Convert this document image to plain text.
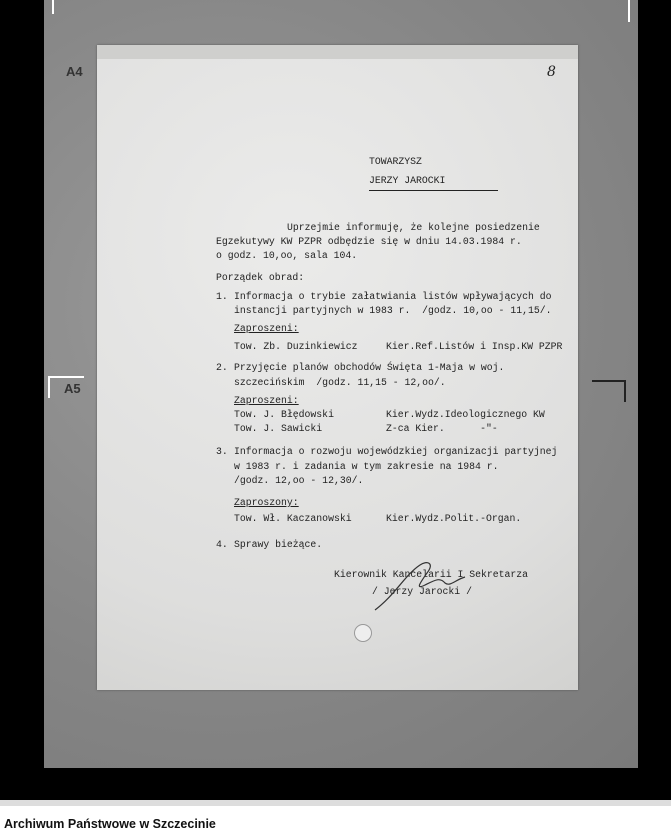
A4
A5
8
TOWARZYSZ
JERZY JAROCKI
Uprzejmie informuję, że kolejne posiedzenie
Egzekutywy KW PZPR odbędzie się w dniu 14.03.1984 r.
o godz. 10,oo, sala 104.
Porządek obrad:
1. Informacja o trybie załatwiania listów wpływających do
instancji partyjnych w 1983 r.  /godz. 10,oo - 11,15/.
Zaproszeni:
Tow. Zb. Duzinkiewicz	Kier.Ref.Listów i Insp.KW PZPR
2. Przyjęcie planów obchodów Święta 1-Maja w woj.
szczecińskim  /godz. 11,15 - 12,oo/.
Zaproszeni:
Tow. J. Błędowski	Kier.Wydz.Ideologicznego KW
Tow. J. Sawicki	Z-ca Kier.      -"-
3. Informacja o rozwoju wojewódzkiej organizacji partyjnej
w 1983 r. i zadania w tym zakresie na 1984 r.
/godz. 12,oo - 12,30/.
Zaproszony:
Tow. Wł. Kaczanowski	Kier.Wydz.Polit.-Organ.
4. Sprawy bieżące.
Kierownik Kancelarii I Sekretarza
/ Jerzy Jarocki /
Archiwum Państwowe w Szczecinie
